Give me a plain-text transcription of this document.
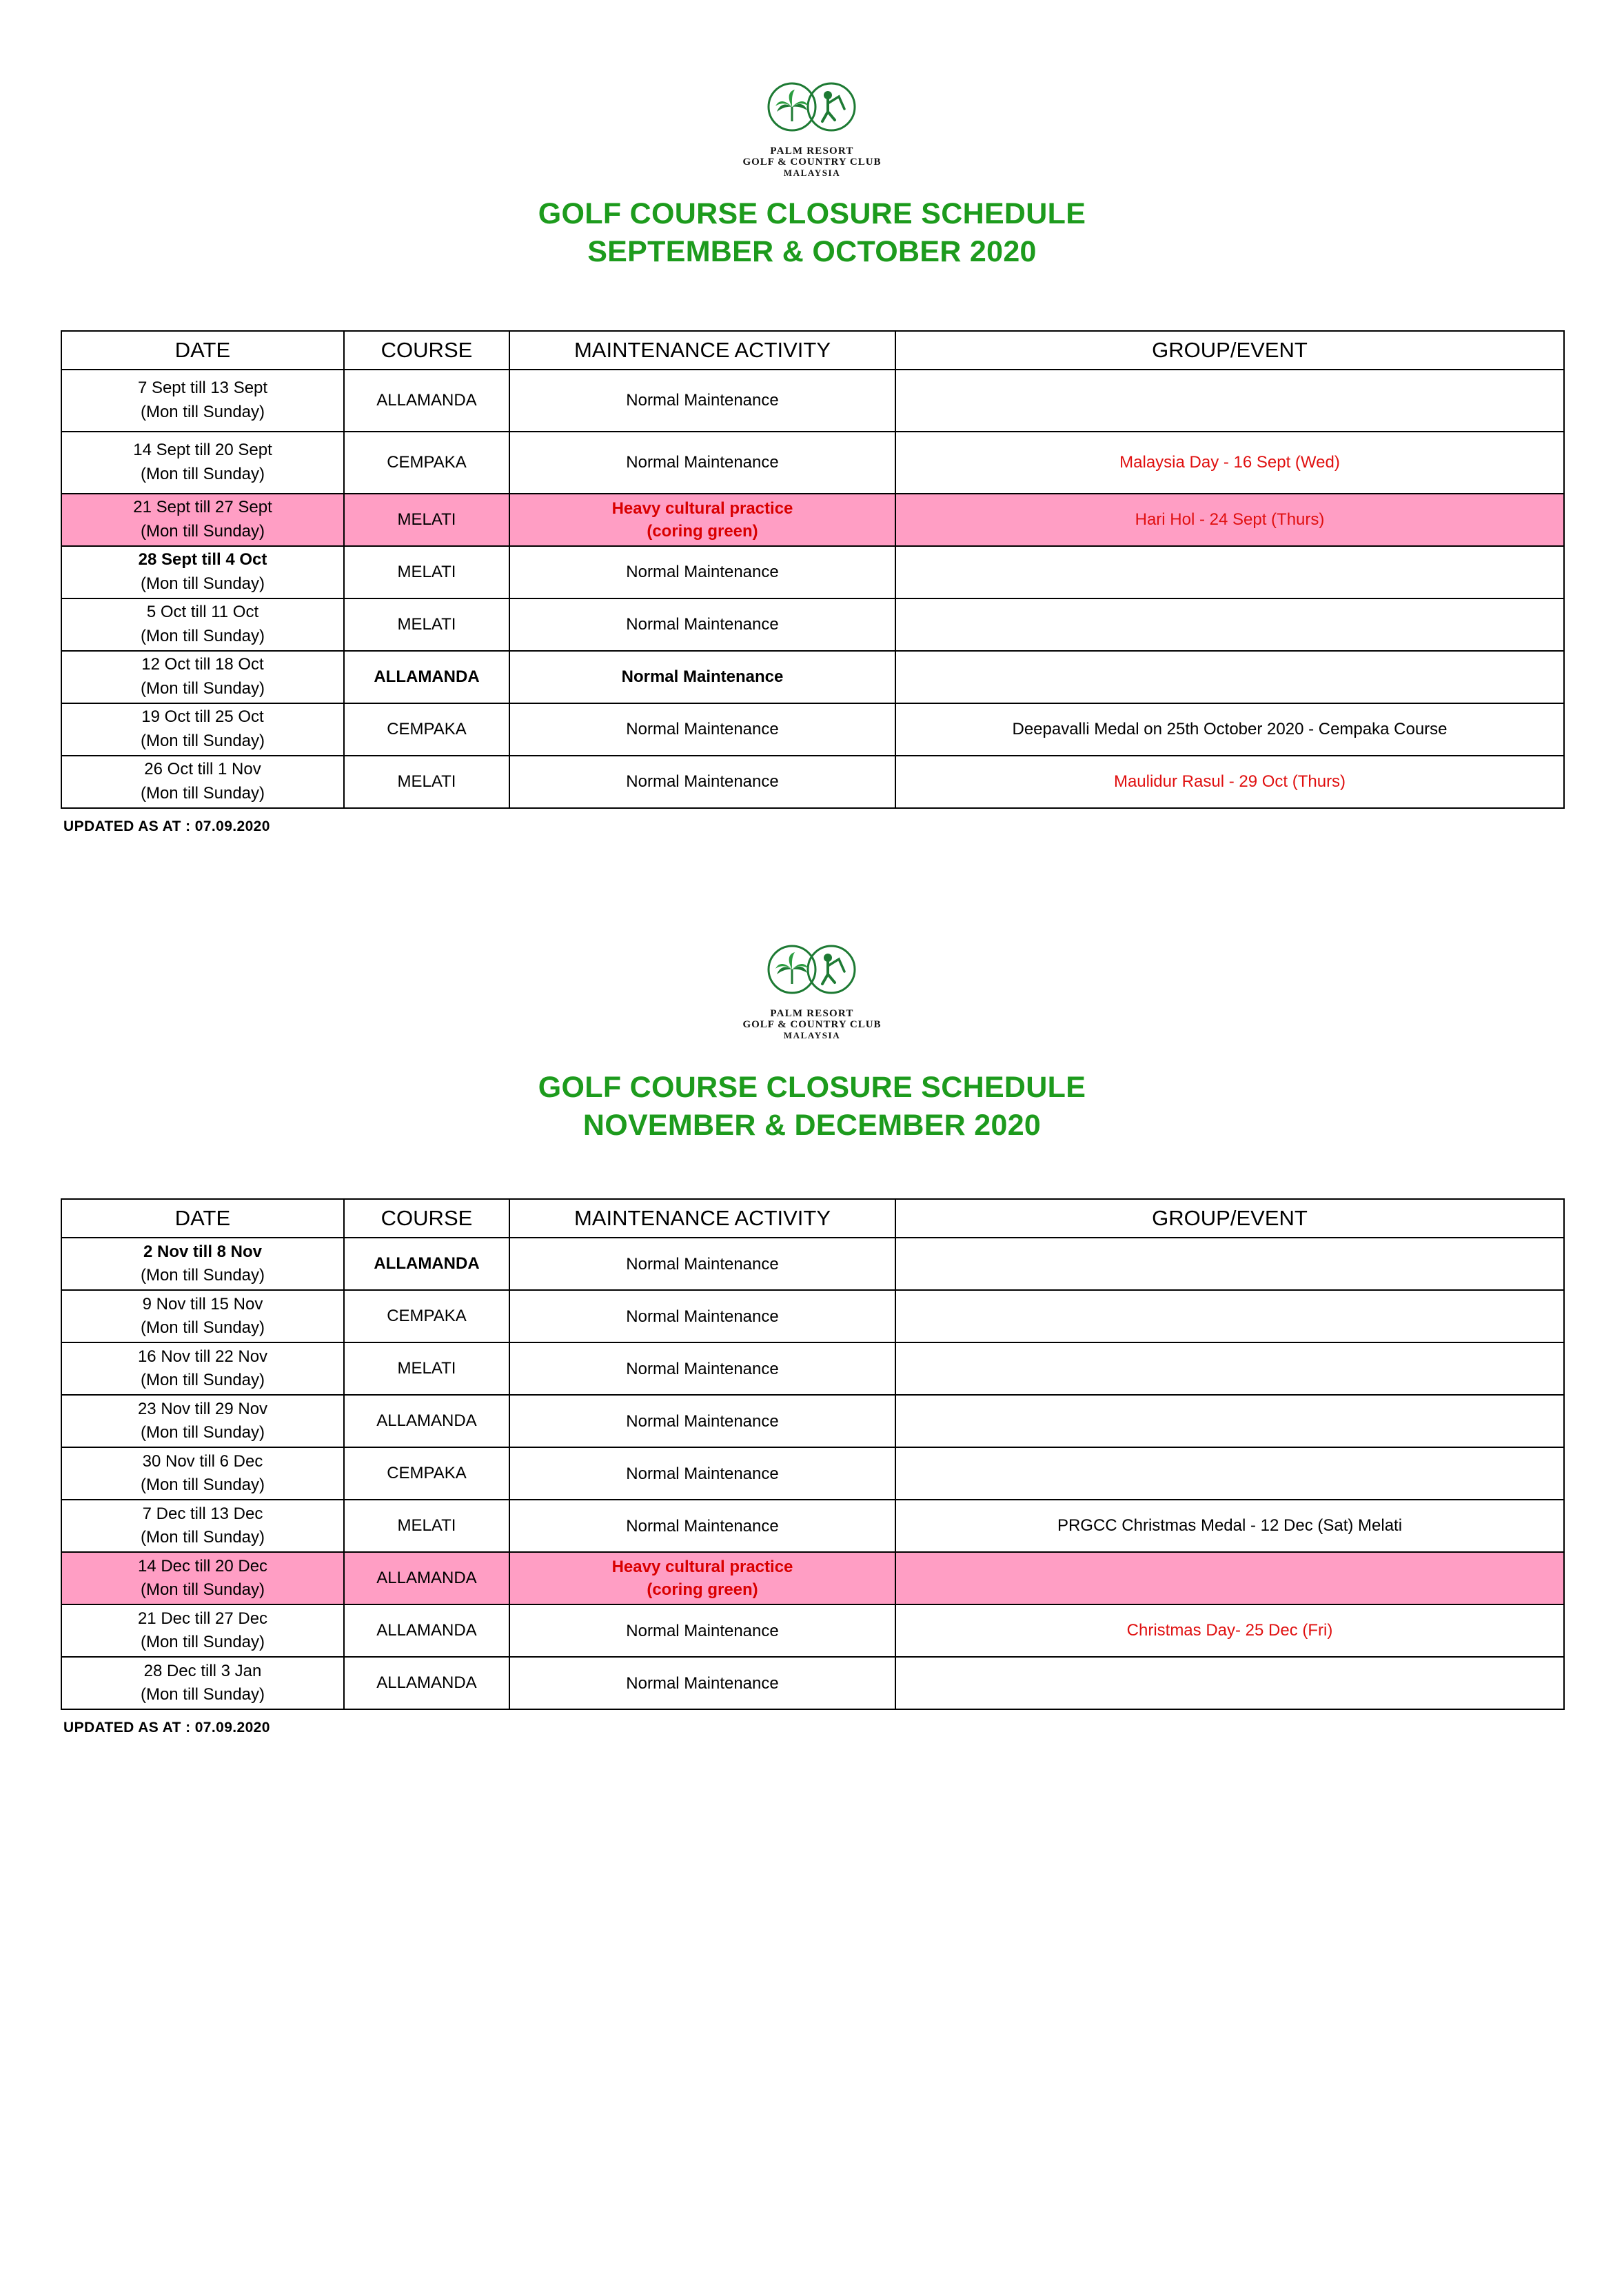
PALM RESORT
GOLF & COUNTRY CLUB
MALAYSIA
GOLF COURSE CLOSURE SCHEDULE
SEPTEMBER & OCTOBER 2020
DATE	COURSE	MAINTENANCE ACTIVITY	GROUP/EVENT

7 Sept till 13 Sept
(Mon till Sunday)	ALLAMANDA	Normal Maintenance	

14 Sept till 20 Sept
(Mon till Sunday)	CEMPAKA	Normal Maintenance	Malaysia Day - 16 Sept (Wed)

21 Sept till 27 Sept
(Mon till Sunday)	MELATI	Heavy cultural practice
(coring green)	Hari Hol - 24 Sept (Thurs)

28 Sept till 4 Oct
(Mon till Sunday)	MELATI	Normal Maintenance	

5 Oct till 11 Oct
(Mon till Sunday)	MELATI	Normal Maintenance	

12 Oct till 18 Oct
(Mon till Sunday)	ALLAMANDA	Normal Maintenance	

19 Oct till 25 Oct
(Mon till Sunday)	CEMPAKA	Normal Maintenance	Deepavalli Medal on 25th October 2020 - Cempaka Course

26 Oct till 1 Nov
(Mon till Sunday)	MELATI	Normal Maintenance	Maulidur Rasul - 29 Oct (Thurs)
UPDATED AS AT : 07.09.2020
PALM RESORT
GOLF & COUNTRY CLUB
MALAYSIA
GOLF COURSE CLOSURE SCHEDULE
NOVEMBER & DECEMBER 2020
DATE	COURSE	MAINTENANCE ACTIVITY	GROUP/EVENT

2 Nov till 8 Nov
(Mon till Sunday)	ALLAMANDA	Normal Maintenance	

9 Nov till 15 Nov
(Mon till Sunday)	CEMPAKA	Normal Maintenance	

16 Nov till 22 Nov
(Mon till Sunday)	MELATI	Normal Maintenance	

23 Nov till 29 Nov
(Mon till Sunday)	ALLAMANDA	Normal Maintenance	

30 Nov till 6 Dec
(Mon till Sunday)	CEMPAKA	Normal Maintenance	

7 Dec till 13 Dec
(Mon till Sunday)	MELATI	Normal Maintenance	PRGCC Christmas Medal - 12 Dec (Sat) Melati

14 Dec till 20 Dec
(Mon till Sunday)	ALLAMANDA	Heavy cultural practice
(coring green)	

21 Dec till 27 Dec
(Mon till Sunday)	ALLAMANDA	Normal Maintenance	Christmas Day- 25 Dec (Fri)

28 Dec till 3 Jan
(Mon till Sunday)	ALLAMANDA	Normal Maintenance	

UPDATED AS AT : 07.09.2020
